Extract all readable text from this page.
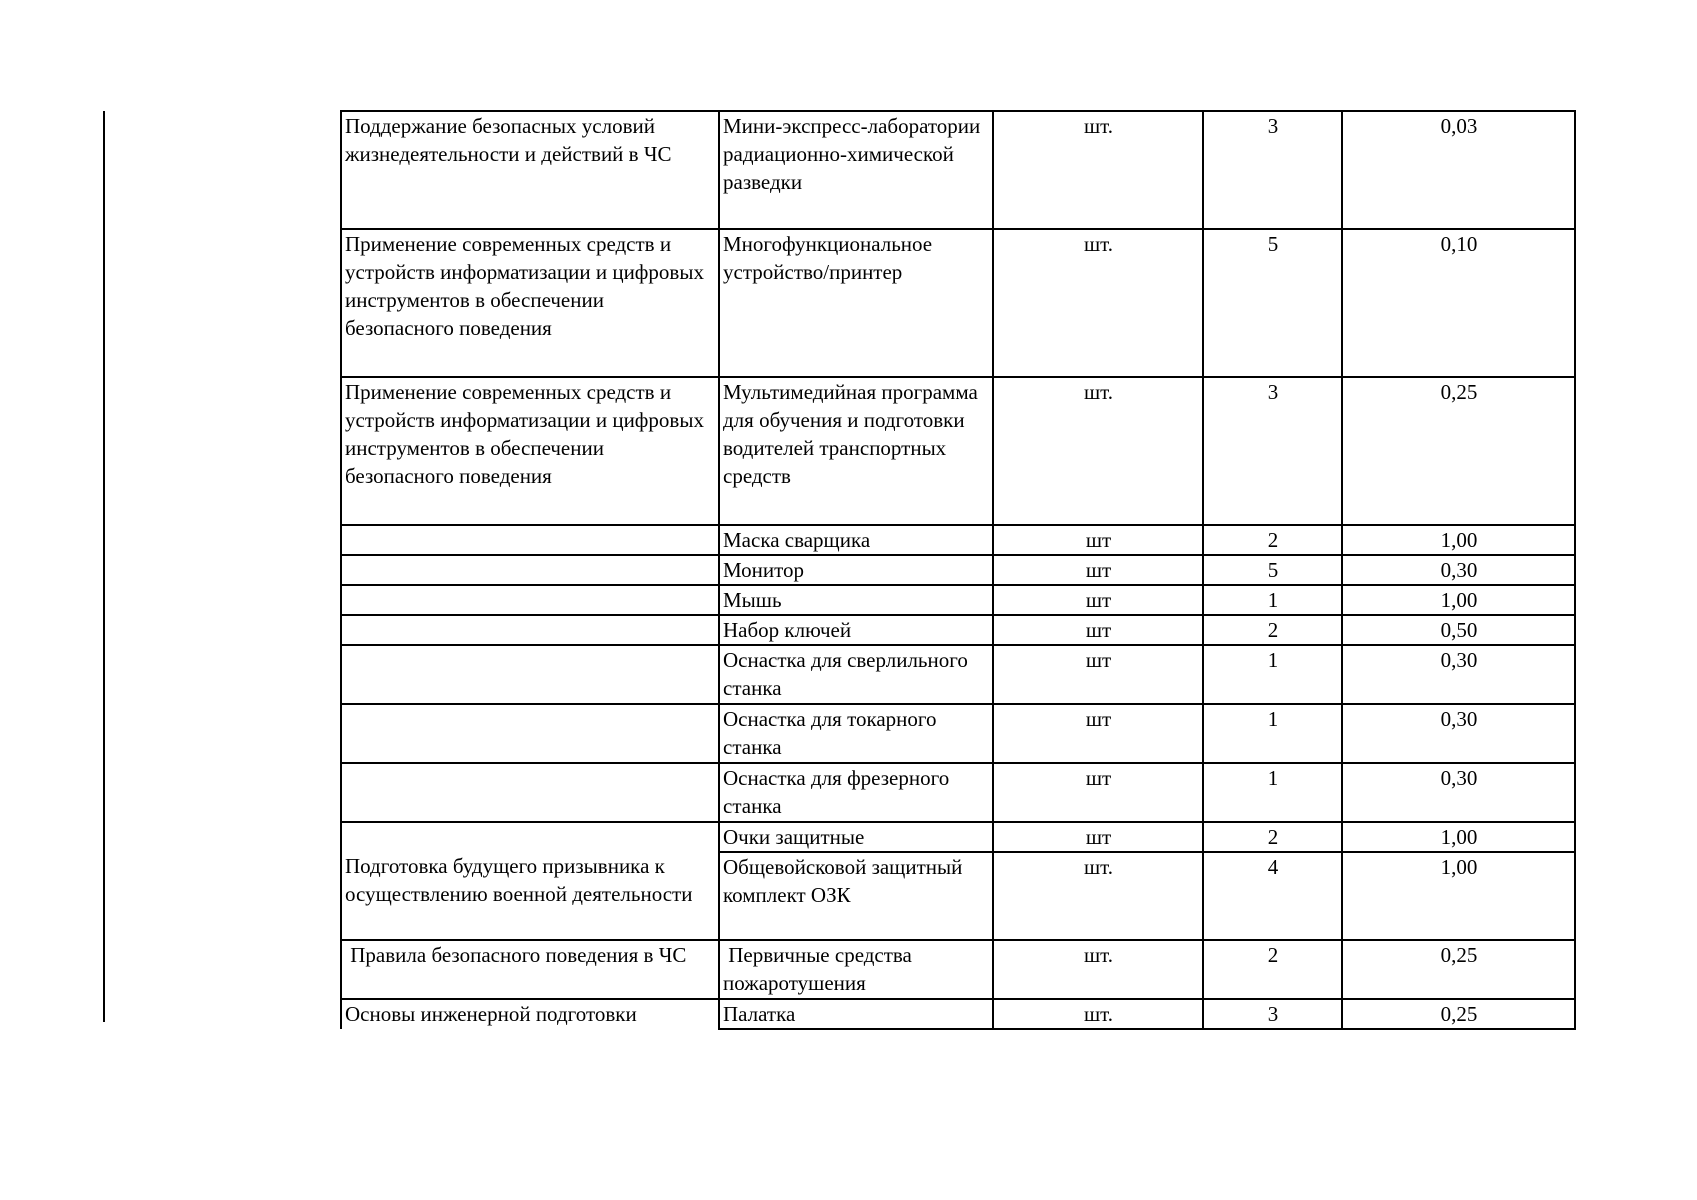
Поддержание безопасных условий жизнедеятельности и действий в ЧС	Мини-экспресс-лаборатории радиационно-химической разведки	шт.	3	0,03
Применение современных средств и устройств информатизации и цифровых инструментов в обеспечении безопасного поведения	Многофункциональное устройство/принтер	шт.	5	0,10
Применение современных средств и устройств информатизации и цифровых инструментов в обеспечении безопасного поведения	Мультимедийная программа для обучения и подготовки водителей транспортных средств	шт.	3	0,25
	Маска сварщика	шт	2	1,00
	Монитор	шт	5	0,30
	Мышь	шт	1	1,00
	Набор ключей	шт	2	0,50
	Оснастка для сверлильного станка	шт	1	0,30
	Оснастка для токарного станка	шт	1	0,30
	Оснастка для фрезерного станка	шт	1	0,30
	Очки защитные	шт	2	1,00
Подготовка будущего призывника к осуществлению военной деятельности	Общевойсковой защитный комплект ОЗК	шт.	4	1,00
Правила безопасного поведения в ЧС	Первичные средства пожаротушения	шт.	2	0,25
Основы инженерной подготовки	Палатка	шт.	3	0,25
